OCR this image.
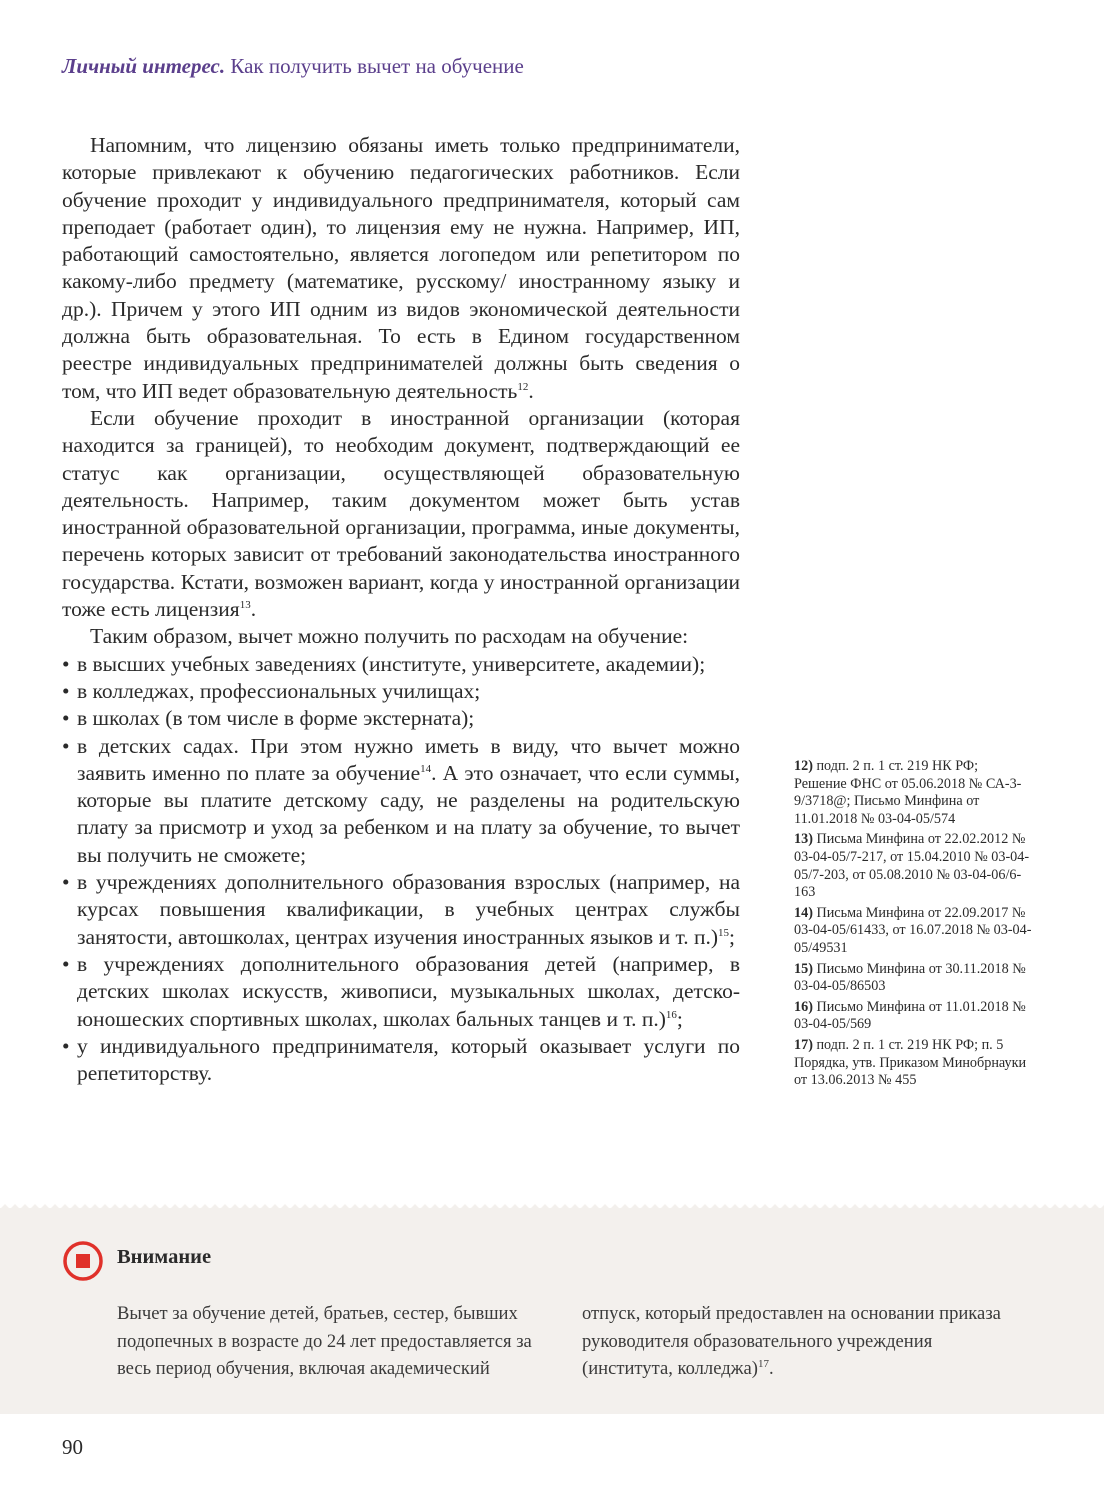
Личный интерес. Как получить вычет на обучение

Напомним, что лицензию обязаны иметь только предприниматели, которые привлекают к обучению педагогических работников. Если обучение проходит у индивидуального предпринимателя, который сам преподает (работает один), то лицензия ему не нужна. Например, ИП, работающий самостоятельно, является логопедом или репетитором по какому-либо предмету (математике, русскому/ иностранному языку и др.). Причем у этого ИП одним из видов экономической деятельности должна быть образовательная. То есть в Едином государственном реестре индивидуальных предпринимателей должны быть сведения о том, что ИП ведет образовательную деятельность$^{12}$.

Если обучение проходит в иностранной организации (которая находится за границей), то необходим документ, подтверждающий ее статус как организации, осуществляющей образовательную деятельность. Например, таким документом может быть устав иностранной образовательной организации, программа, иные документы, перечень которых зависит от требований законодательства иностранного государства. Кстати, возможен вариант, когда у иностранной организации тоже есть лицензия$^{13}$.

Таким образом, вычет можно получить по расходам на обучение:

• в высших учебных заведениях (институте, университете, академии);
• в колледжах, профессиональных училищах;
• в школах (в том числе в форме экстерната);
• в детских садах. При этом нужно иметь в виду, что вычет можно заявить именно по плате за обучение$^{14}$. А это означает, что если суммы, которые вы платите детскому саду, не разделены на родительскую плату за присмотр и уход за ребенком и на плату за обучение, то вычет вы получить не сможете;
• в учреждениях дополнительного образования взрослых (например, на курсах повышения квалификации, в учебных центрах службы занятости, автошколах, центрах изучения иностранных языков и т. п.)$^{15}$;
• в учреждениях дополнительного образования детей (например, в детских школах искусств, живописи, музыкальных школах, детско-юношеских спортивных школах, школах бальных танцев и т. п.)$^{16}$;
• у индивидуального предпринимателя, который оказывает услуги по репетиторству.

12) подп. 2 п. 1 ст. 219 НК РФ; Решение ФНС от 05.06.2018 № СА-3-9/3718@; Письмо Минфина от 11.01.2018 № 03-04-05/574

13) Письма Минфина от 22.02.2012 № 03-04-05/7-217, от 15.04.2010 № 03-04-05/7-203, от 05.08.2010 № 03-04-06/6-163

14) Письма Минфина от 22.09.2017 № 03-04-05/61433, от 16.07.2018 № 03-04-05/49531

15) Письмо Минфина от 30.11.2018 № 03-04-05/86503

16) Письмо Минфина от 11.01.2018 № 03-04-05/569

17) подп. 2 п. 1 ст. 219 НК РФ; п. 5 Порядка, утв. Приказом Минобрнауки от 13.06.2013 № 455

Внимание
Вычет за обучение детей, братьев, сестер, бывших подопечных в возрасте до 24 лет предоставляется за весь период обучения, включая академический отпуск, который предоставлен на основании приказа руководителя образовательного учреждения (института, колледжа)$^{17}$.
90
